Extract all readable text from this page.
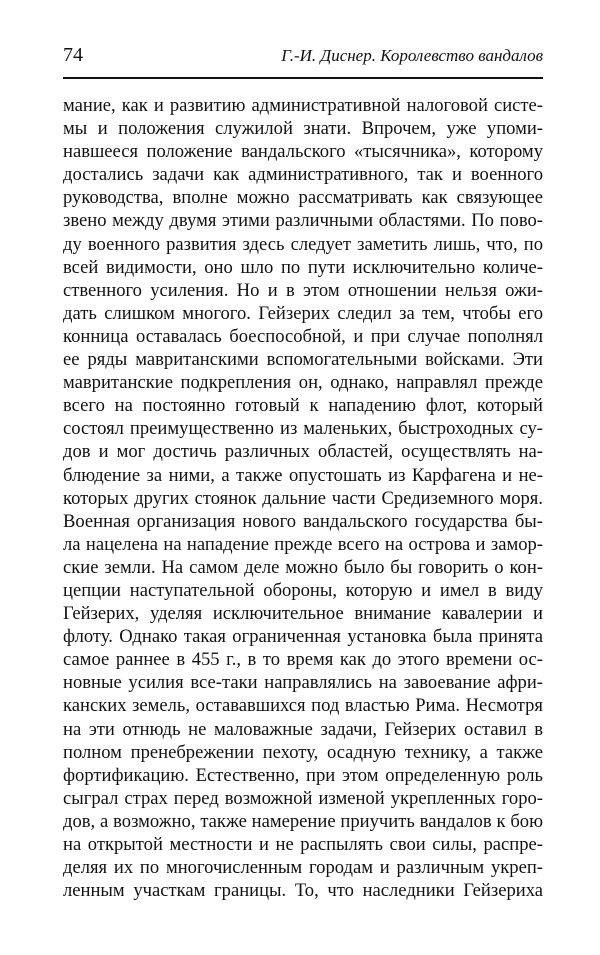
74	Г.-И. Диснер. Королевство вандалов
мание, как и развитию административной налоговой систе-
мы и положения служилой знати. Впрочем, уже упоми-
навшееся положение вандальского «тысячника», которому
достались задачи как административного, так и военного
руководства, вполне можно рассматривать как связующее
звено между двумя этими различными областями. По пово-
ду военного развития здесь следует заметить лишь, что, по
всей видимости, оно шло по пути исключительно количе-
ственного усиления. Но и в этом отношении нельзя ожи-
дать слишком многого. Гейзерих следил за тем, чтобы его
конница оставалась боеспособной, и при случае пополнял
ее ряды мавританскими вспомогательными войсками. Эти
мавританские подкрепления он, однако, направлял прежде
всего на постоянно готовый к нападению флот, который
состоял преимущественно из маленьких, быстроходных су-
дов и мог достичь различных областей, осуществлять на-
блюдение за ними, а также опустошать из Карфагена и не-
которых других стоянок дальние части Средиземного моря.
Военная организация нового вандальского государства бы-
ла нацелена на нападение прежде всего на острова и замор-
ские земли. На самом деле можно было бы говорить о кон-
цепции наступательной обороны, которую и имел в виду
Гейзерих, уделяя исключительное внимание кавалерии и
флоту. Однако такая ограниченная установка была принята
самое раннее в 455 г., в то время как до этого времени ос-
новные усилия все-таки направлялись на завоевание афри-
канских земель, остававшихся под властью Рима. Несмотря
на эти отнюдь не маловажные задачи, Гейзерих оставил в
полном пренебрежении пехоту, осадную технику, а также
фортификацию. Естественно, при этом определенную роль
сыграл страх перед возможной изменой укрепленных горо-
дов, а возможно, также намерение приучить вандалов к бою
на открытой местности и не распылять свои силы, распре-
деляя их по многочисленным городам и различным укреп-
ленным участкам границы. То, что наследники Гейзериха
